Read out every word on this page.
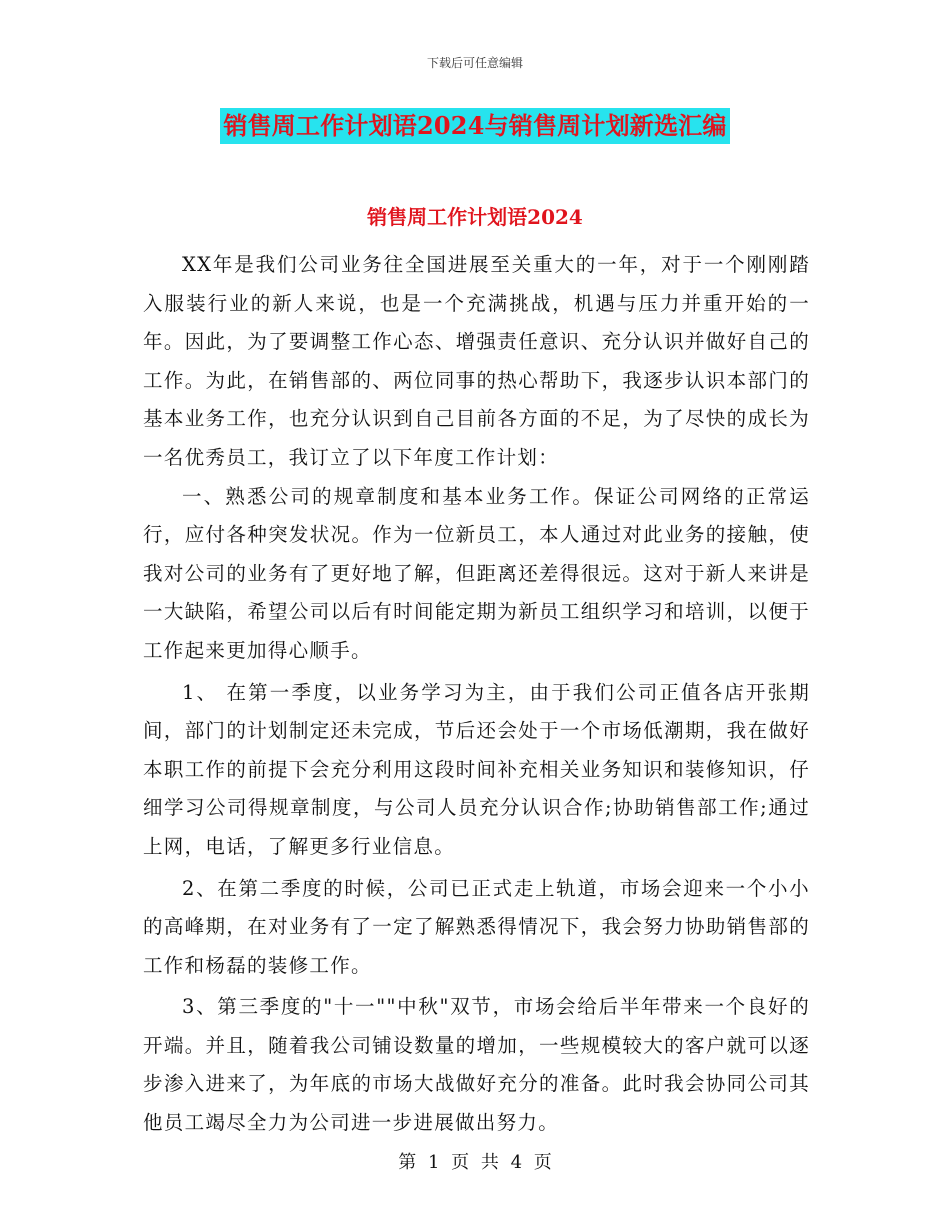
下载后可任意编辑
销售周工作计划语2024与销售周计划新选汇编
销售周工作计划语2024

XX年是我们公司业务往全国进展至关重大的一年，对于一个刚刚踏入服装行业的新人来说，也是一个充满挑战，机遇与压力并重开始的一年。因此，为了要调整工作心态、增强责任意识、充分认识并做好自己的工作。为此，在销售部的、两位同事的热心帮助下，我逐步认识本部门的基本业务工作，也充分认识到自己目前各方面的不足，为了尽快的成长为一名优秀员工，我订立了以下年度工作计划：

一、熟悉公司的规章制度和基本业务工作。保证公司网络的正常运行，应付各种突发状况。作为一位新员工，本人通过对此业务的接触，使我对公司的业务有了更好地了解，但距离还差得很远。这对于新人来讲是一大缺陷，希望公司以后有时间能定期为新员工组织学习和培训，以便于工作起来更加得心顺手。

1、 在第一季度，以业务学习为主，由于我们公司正值各店开张期间，部门的计划制定还未完成，节后还会处于一个市场低潮期，我在做好本职工作的前提下会充分利用这段时间补充相关业务知识和装修知识，仔细学习公司得规章制度，与公司人员充分认识合作;协助销售部工作;通过上网，电话，了解更多行业信息。

2、在第二季度的时候，公司已正式走上轨道，市场会迎来一个小小的高峰期，在对业务有了一定了解熟悉得情况下，我会努力协助销售部的工作和杨磊的装修工作。

3、第三季度的"十一""中秋"双节，市场会给后半年带来一个良好的开端。并且，随着我公司铺设数量的增加，一些规模较大的客户就可以逐步渗入进来了，为年底的市场大战做好充分的准备。此时我会协同公司其他员工竭尽全力为公司进一步进展做出努力。

第 1 页 共 4 页
